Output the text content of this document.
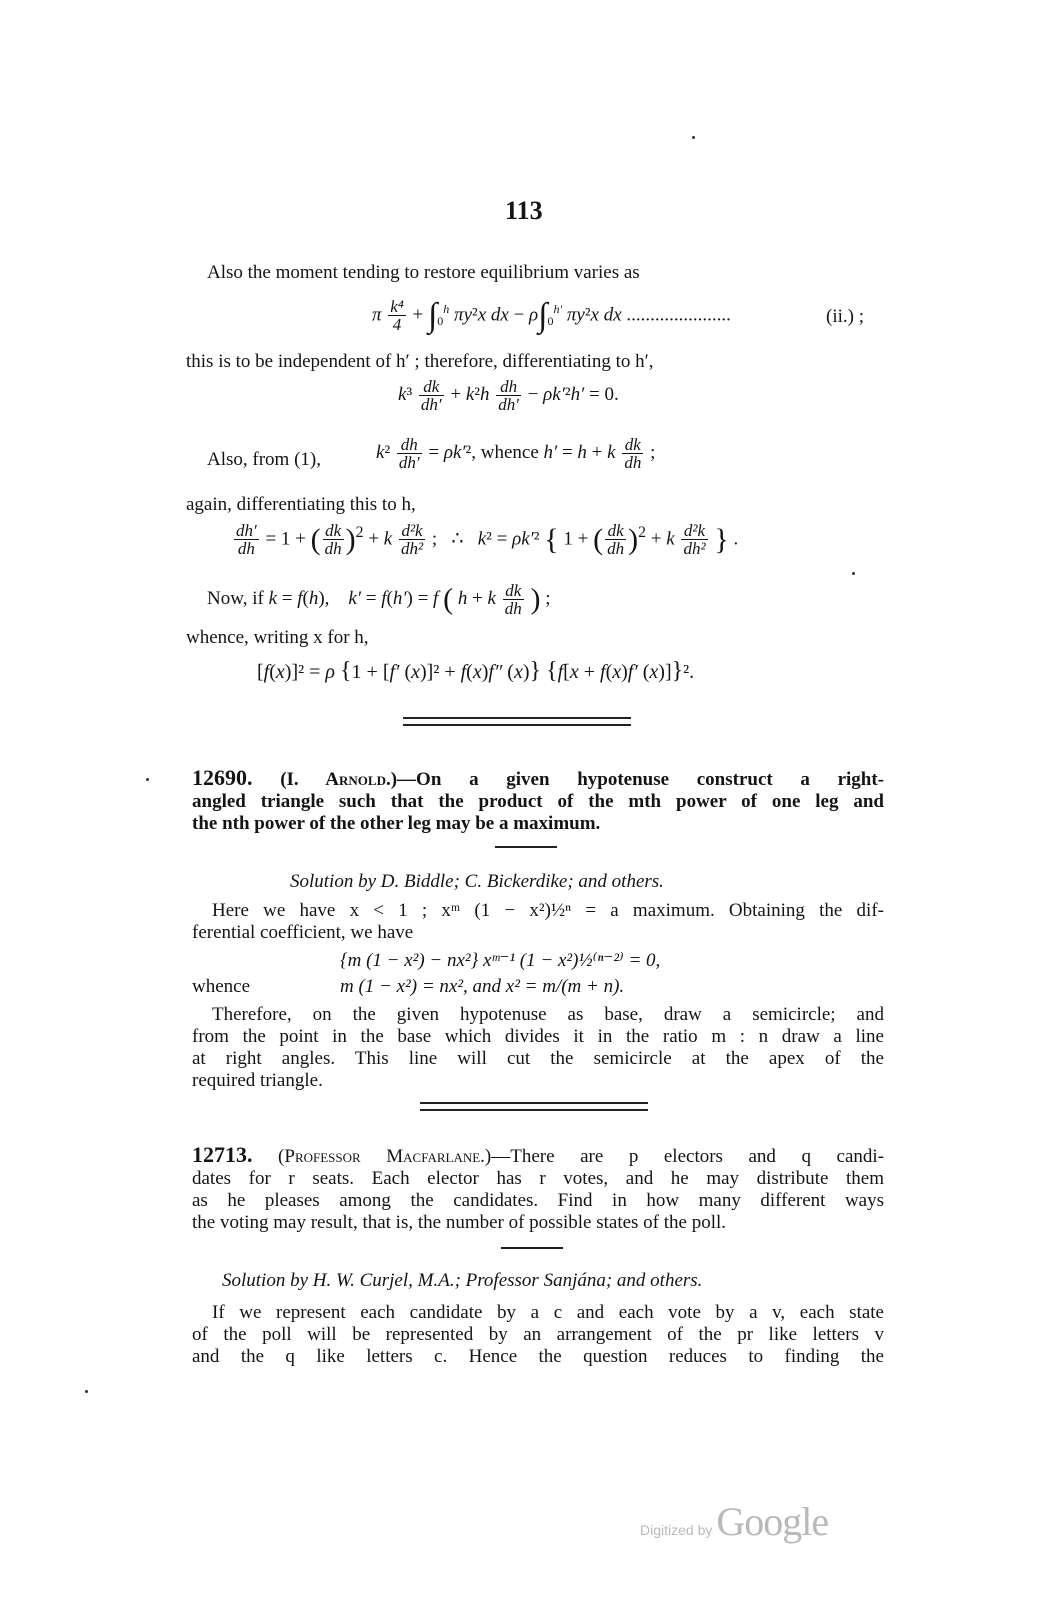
113
Also the moment tending to restore equilibrium varies as
π $\frac{\text{k⁴}}{4} + \int_0^h$ πy²x dx − $\rho\int_0^{h'}$ πy²x dx ......................	(ii.) ;
this is to be independent of h′ ; therefore, differentiating to h′,
$k^3 \frac{dk}{dh'} + k^2h \frac{dh}{dh'} - \rho k'^2h' = 0$.
Also, from (1),	$k^2 \frac{dh}{dh'} = \rho k'^2$, whence h′ = h + k $\frac{dk}{dh}$ ;
again, differentiating this to h,
$\frac{dh'}{dh} = 1$ + ( $\frac{dk}{dh} )^2 + k \frac{\text{d²k}}{\text{dh²}}$ ;   ∴   k² = ρk′² { 1 + ( $\frac{dk}{dh} )^2 + k \frac{\text{d²k}}{\text{dh²}}$ } .
Now, if k = f(h),    k′ = f(h′) = f ( h + k $\frac{dk}{dh}$ ) ;
whence, writing x for h,
[f(x)]² = ρ {1 + [f′ (x)]² + f(x)f″ (x)} {f[x + f(x)f′ (x)]}².
12690. (I. Arnold.)—On a given hypotenuse construct a right-
angled triangle such that the product of the mth power of one leg and
the nth power of the other leg may be a maximum.
Solution by D. Biddle; C. Bickerdike; and others.
Here we have x < 1 ; xᵐ (1 − x²)½ⁿ = a maximum. Obtaining the dif-
ferential coefficient, we have
{m (1 − x²) − nx²} xᵐ⁻¹ (1 − x²)½⁽ⁿ⁻²⁾ = 0,
whence	m (1 − x²) = nx², and x² = m/(m + n).
Therefore, on the given hypotenuse as base, draw a semicircle; and
from the point in the base which divides it in the ratio m : n draw a line
at right angles. This line will cut the semicircle at the apex of the
required triangle.
12713. (Professor Macfarlane.)—There are p electors and q candi-
dates for r seats. Each elector has r votes, and he may distribute them
as he pleases among the candidates. Find in how many different ways
the voting may result, that is, the number of possible states of the poll.
Solution by H. W. Curjel, M.A.; Professor Sanjána; and others.
If we represent each candidate by a c and each vote by a v, each state
of the poll will be represented by an arrangement of the pr like letters v
and the q like letters c. Hence the question reduces to finding the
Digitized by Google
